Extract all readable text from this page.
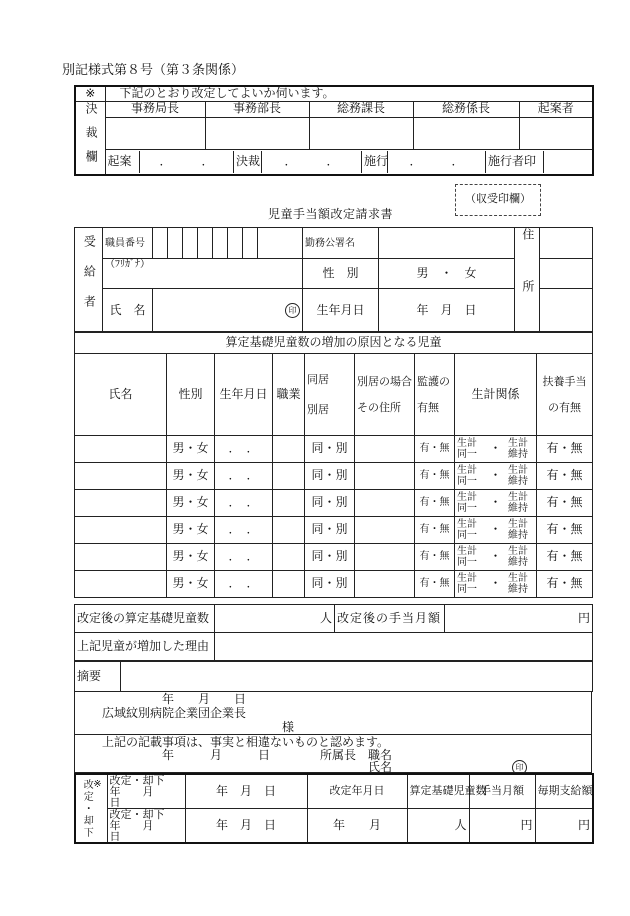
別記様式第８号（第３条関係）
※	下記のとおり改定してよいか伺います。

決裁欄	事務局長	事務部長	総務課長	総務係長	起案者

起案	．　　　．	決裁	．　　　．	施行	．　　　．	施行者印	
（収受印欄）
児童手当額改定請求書
受給者	職員番号		勤務公署名		住所	

	（ﾌﾘｶﾞﾅ）		性　別	男　・　女		
	氏　名	印	生年月日	年　月　日		
算定基礎児童数の増加の原因となる児童								
氏名	性別	生年月日	職業	同居　　　別居	別居の場合その住所	監護の有無	生計関係	扶養手当の有無
	男・女	．　．		同・別		有・無	生計同一 ・ 生計維持	有・無
	男・女	．　．		同・別		有・無	生計同一 ・ 生計維持	有・無
	男・女	．　．		同・別		有・無	生計同一 ・ 生計維持	有・無
	男・女	．　．		同・別		有・無	生計同一 ・ 生計維持	有・無
	男・女	．　．		同・別		有・無	生計同一 ・ 生計維持	有・無
	男・女	．　．		同・別		有・無	生計同一 ・ 生計維持	有・無
改定後の算定基礎児童数	人	改定後の手当月額	円
上記児童が増加した理由			
摘要	
年　　月　　日
広域紋別病院企業団企業長
様
上記の記載事項は、事実と相違ないものと認めます。
年　　　月　　　日	所属長　職名
氏名	印
改定・却下 ※	改定・却下　年　　月　　日	年　月　日	改定年月日	算定基礎児童数	手当月額	毎期支給額
	改定・却下　年　　月　　日	年　月　日	年　　月	人	円	円
